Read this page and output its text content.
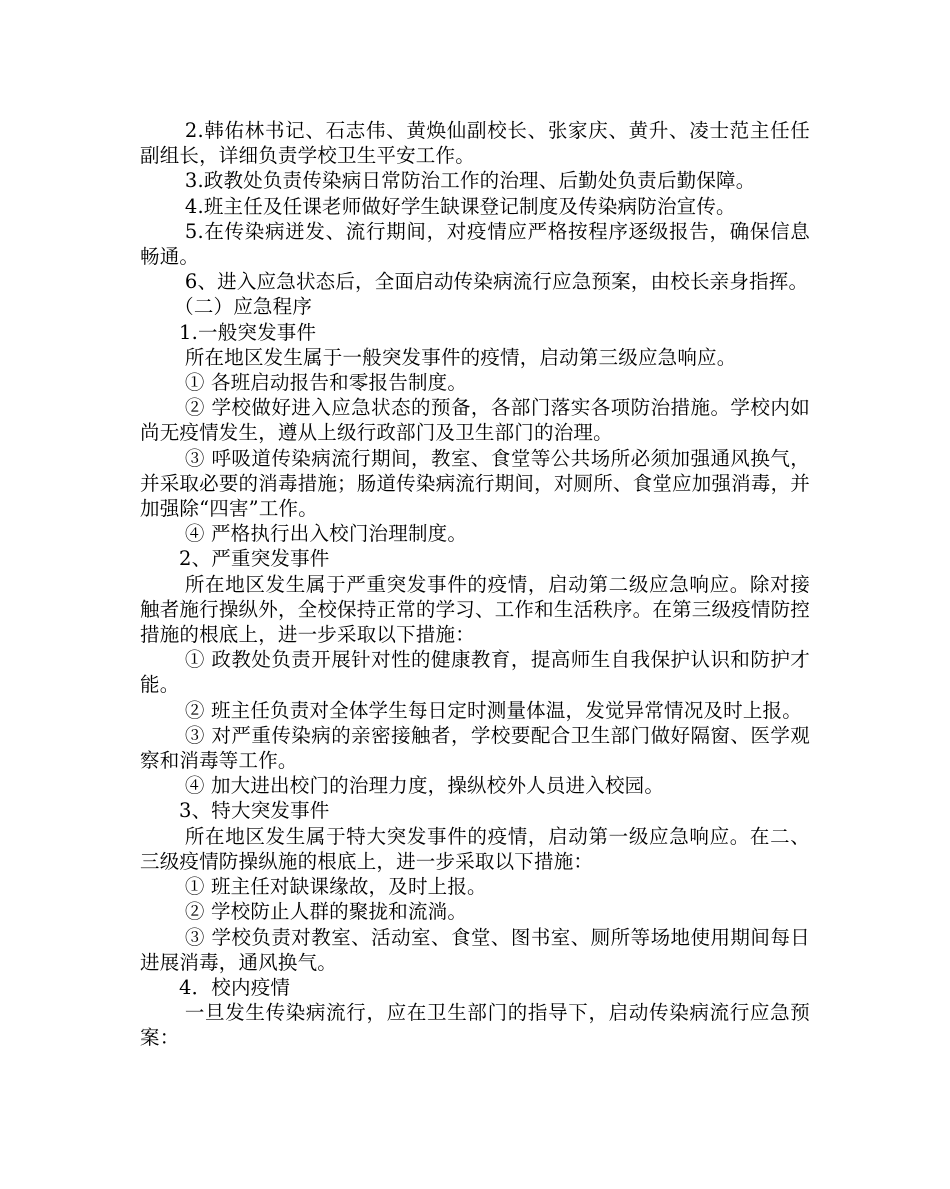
2.韩佑林书记、石志伟、黄焕仙副校长、张家庆、黄升、凌士范主任任副组长，详细负责学校卫生平安工作。

3.政教处负责传染病日常防治工作的治理、后勤处负责后勤保障。

4.班主任及任课老师做好学生缺课登记制度及传染病防治宣传。

5.在传染病迸发、流行期间，对疫情应严格按程序逐级报告，确保信息畅通。

6、进入应急状态后，全面启动传染病流行应急预案，由校长亲身指挥。

（二）应急程序

1.一般突发事件

所在地区发生属于一般突发事件的疫情，启动第三级应急响应。

① 各班启动报告和零报告制度。

② 学校做好进入应急状态的预备，各部门落实各项防治措施。学校内如尚无疫情发生，遵从上级行政部门及卫生部门的治理。

③ 呼吸道传染病流行期间，教室、食堂等公共场所必须加强通风换气，并采取必要的消毒措施；肠道传染病流行期间，对厕所、食堂应加强消毒，并加强除“四害”工作。

④ 严格执行出入校门治理制度。

2、严重突发事件

所在地区发生属于严重突发事件的疫情，启动第二级应急响应。除对接触者施行操纵外，全校保持正常的学习、工作和生活秩序。在第三级疫情防控措施的根底上，进一步采取以下措施：

① 政教处负责开展针对性的健康教育，提高师生自我保护认识和防护才能。

② 班主任负责对全体学生每日定时测量体温，发觉异常情况及时上报。

③ 对严重传染病的亲密接触者，学校要配合卫生部门做好隔窗、医学观察和消毒等工作。

④ 加大进出校门的治理力度，操纵校外人员进入校园。

3、特大突发事件

所在地区发生属于特大突发事件的疫情，启动第一级应急响应。在二、三级疫情防操纵施的根底上，进一步采取以下措施：

① 班主任对缺课缘故，及时上报。

② 学校防止人群的聚拢和流淌。

③ 学校负责对教室、活动室、食堂、图书室、厕所等场地使用期间每日进展消毒，通风换气。

4．校内疫情

一旦发生传染病流行，应在卫生部门的指导下，启动传染病流行应急预案：
